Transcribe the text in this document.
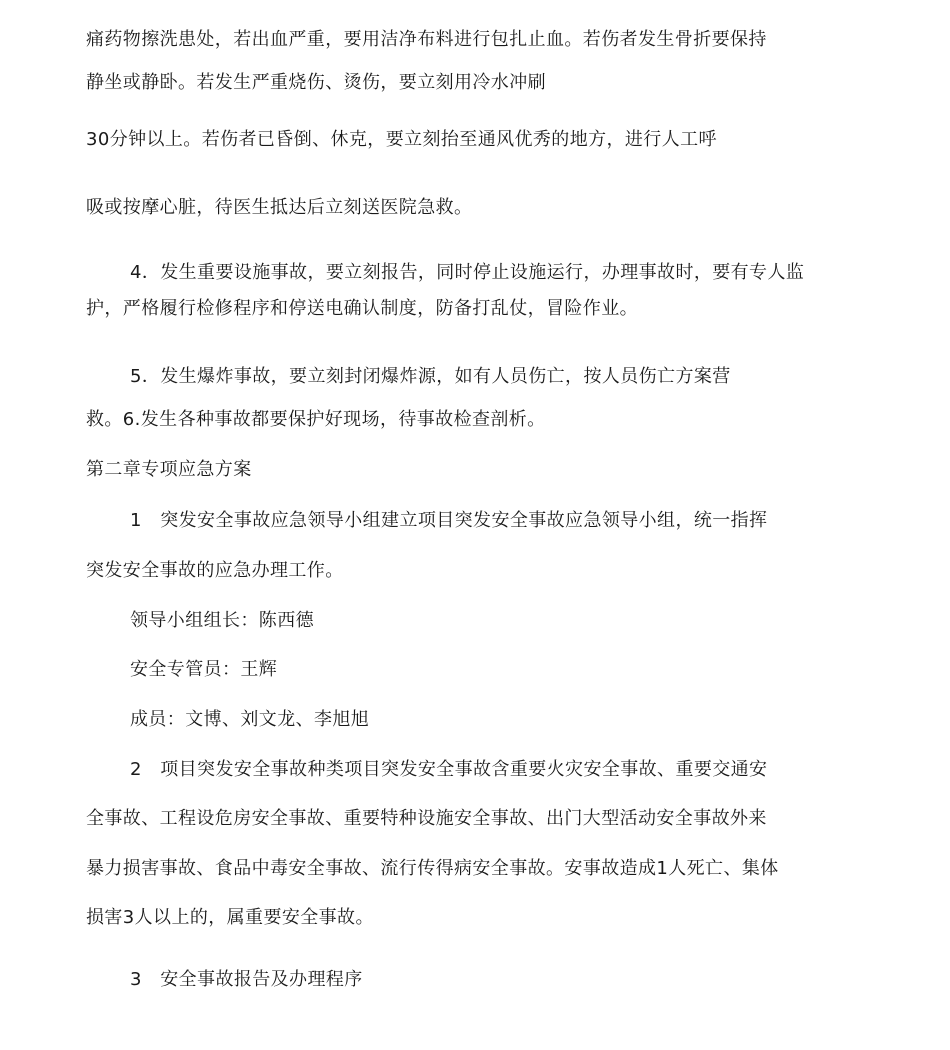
痛药物擦洗患处，若出血严重，要用洁净布料进行包扎止血。若伤者发生骨折要保持
静坐或静卧。若发生严重烧伤、烫伤，要立刻用冷水冲刷
30分钟以上。若伤者已昏倒、休克，要立刻抬至通风优秀的地方，进行人工呼
吸或按摩心脏，待医生抵达后立刻送医院急救。
4．发生重要设施事故，要立刻报告，同时停止设施运行，办理事故时，要有专人监
护，严格履行检修程序和停送电确认制度，防备打乱仗，冒险作业。
5．发生爆炸事故，要立刻封闭爆炸源，如有人员伤亡，按人员伤亡方案营
救。6.发生各种事故都要保护好现场，待事故检查剖析。
第二章专项应急方案
1　突发安全事故应急领导小组建立项目突发安全事故应急领导小组，统一指挥
突发安全事故的应急办理工作。
领导小组组长：陈西德
安全专管员：王辉
成员：文博、刘文龙、李旭旭
2　项目突发安全事故种类项目突发安全事故含重要火灾安全事故、重要交通安
全事故、工程设危房安全事故、重要特种设施安全事故、出门大型活动安全事故外来
暴力损害事故、食品中毒安全事故、流行传得病安全事故。安事故造成1人死亡、集体
损害3人以上的，属重要安全事故。
3　安全事故报告及办理程序
